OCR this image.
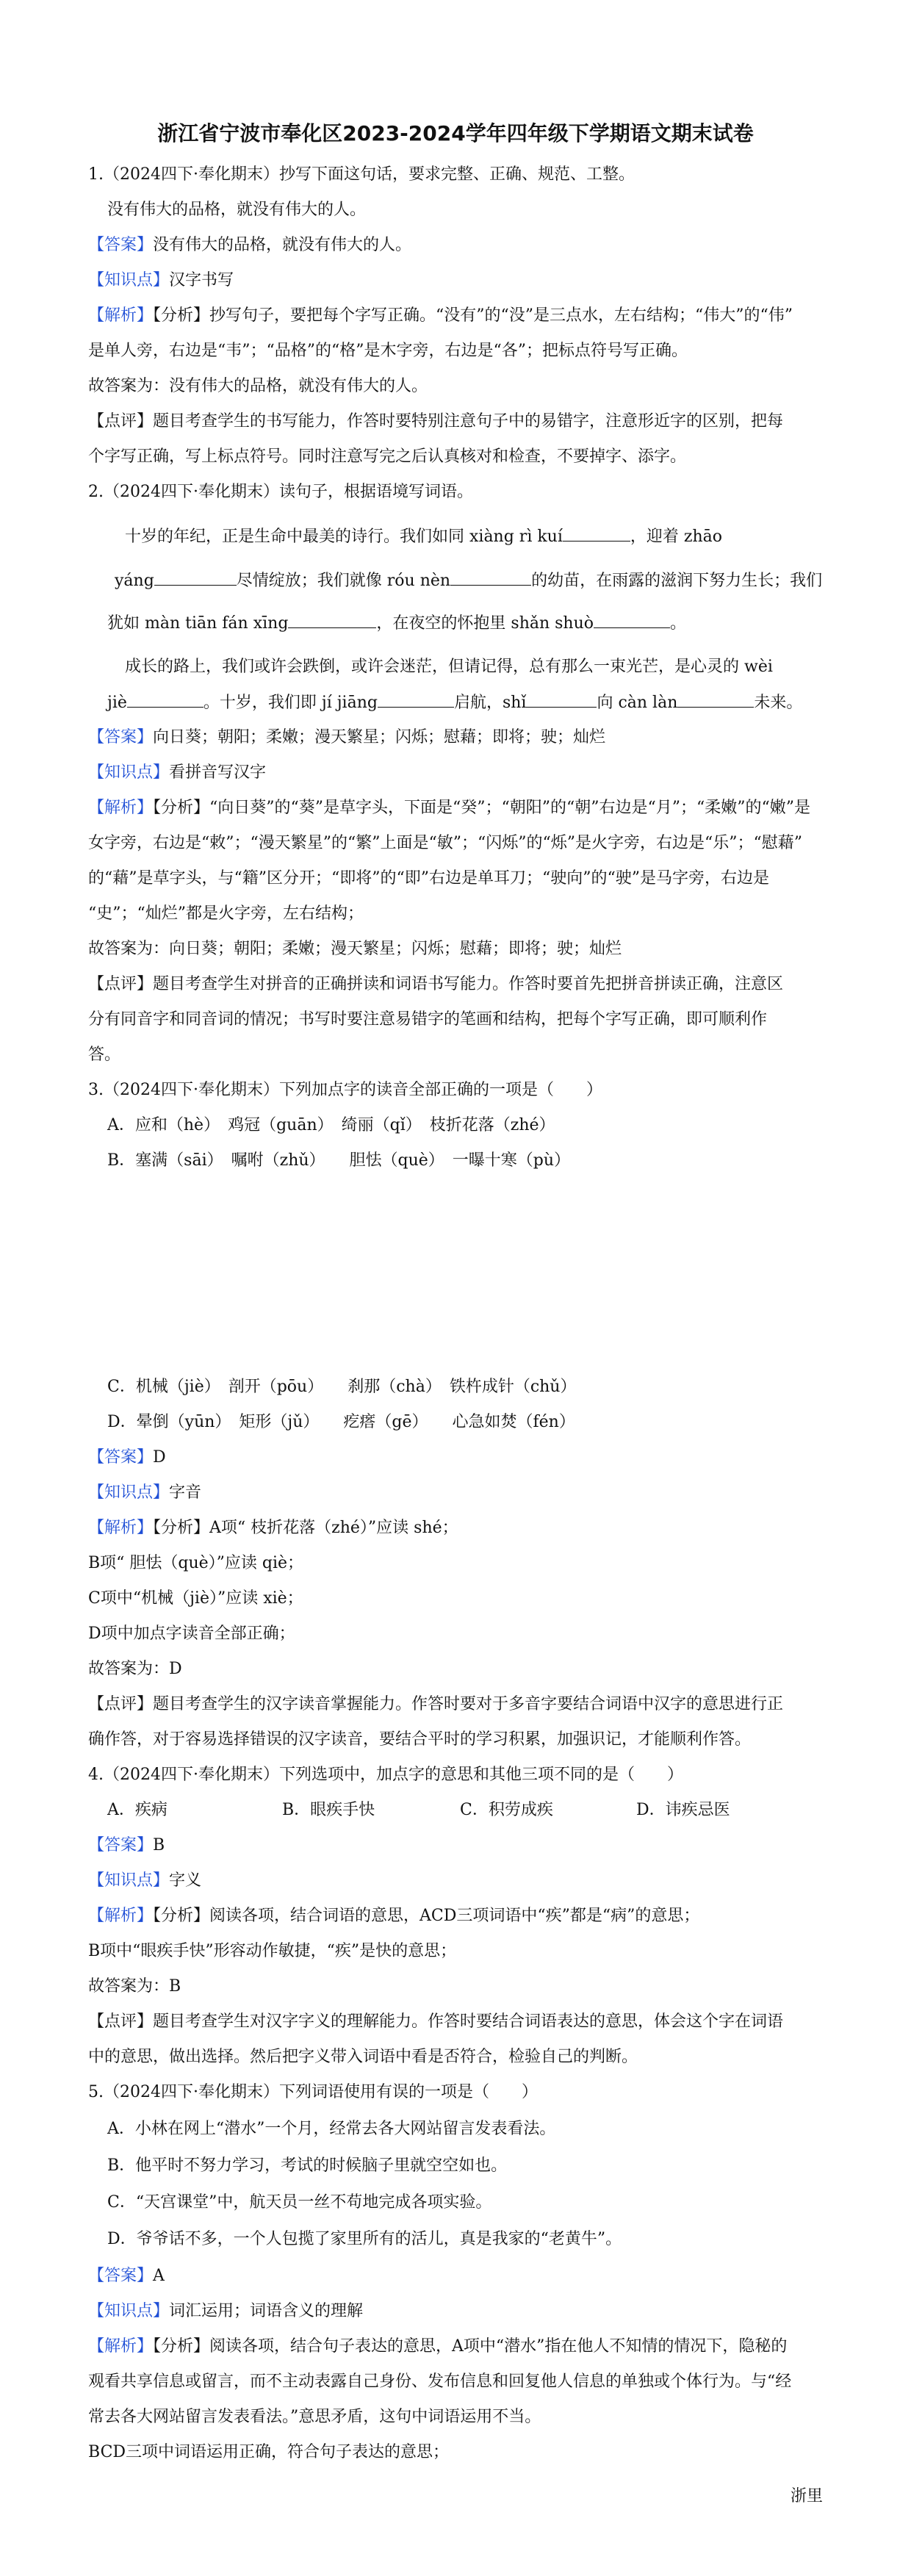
浙江省宁波市奉化区2023-2024学年四年级下学期语文期末试卷
1.（2024四下·奉化期末）抄写下面这句话，要求完整、正确、规范、工整。
没有伟大的品格，就没有伟大的人。
【答案】没有伟大的品格，就没有伟大的人。
【知识点】汉字书写
【解析】【分析】抄写句子，要把每个字写正确。“没有”的“没”是三点水，左右结构；“伟大”的“伟”
是单人旁，右边是“韦”；“品格”的“格”是木字旁，右边是“各”；把标点符号写正确。
故答案为：没有伟大的品格，就没有伟大的人。
【点评】题目考查学生的书写能力，作答时要特别注意句子中的易错字，注意形近字的区别，把每
个字写正确，写上标点符号。同时注意写完之后认真核对和检查，不要掉字、添字。
2.（2024四下·奉化期末）读句子，根据语境写词语。
十岁的年纪，正是生命中最美的诗行。我们如同 xiàng rì kuí	，迎着 zhāo
yáng	尽情绽放；我们就像 róu nèn	的幼苗，在雨露的滋润下努力生长；我们
犹如 màn tiān fán xīng	，在夜空的怀抱里 shǎn shuò	。
成长的路上，我们或许会跌倒，或许会迷茫，但请记得，总有那么一束光芒，是心灵的 wèi
jiè	。十岁，我们即 jí jiāng	启航，shǐ	向 càn làn	未来。
【答案】向日葵；朝阳；柔嫩；漫天繁星；闪烁；慰藉；即将；驶；灿烂
【知识点】看拼音写汉字
【解析】【分析】“向日葵”的“葵”是草字头，下面是“癸”；“朝阳”的“朝”右边是“月”；“柔嫩”的“嫩”是
女字旁，右边是“敕”；“漫天繁星”的“繁”上面是“敏”；“闪烁”的“烁”是火字旁，右边是“乐”；“慰藉”
的“藉”是草字头，与“籍”区分开；“即将”的“即”右边是单耳刀；“驶向”的“驶”是马字旁，右边是
“史”；“灿烂”都是火字旁，左右结构；
故答案为：向日葵；朝阳；柔嫩；漫天繁星；闪烁；慰藉；即将；驶；灿烂
【点评】题目考查学生对拼音的正确拼读和词语书写能力。作答时要首先把拼音拼读正确，注意区
分有同音字和同音词的情况；书写时要注意易错字的笔画和结构，把每个字写正确，即可顺利作
答。
3.（2024四下·奉化期末）下列加点字的读音全部正确的一项是（　　）
A．应和（hè）　鸡冠（guān）　绮丽（qǐ）　枝折花落（zhé）
B．塞满（sāi）　嘱咐（zhǔ）　　胆怯（què）　一曝十寒（pù）
C．机械（jiè）　剖开（pōu）　　刹那（chà）　铁杵成针（chǔ）
D．晕倒（yūn）　矩形（jǔ）　　疙瘩（gē）　　心急如焚（fén）
【答案】D
【知识点】字音
【解析】【分析】A项“ 枝折花落（zhé）”应读 shé；
B项“ 胆怯（què）”应读 qiè；
C项中“机械（jiè）”应读 xiè；
D项中加点字读音全部正确；
故答案为：D
【点评】题目考查学生的汉字读音掌握能力。作答时要对于多音字要结合词语中汉字的意思进行正
确作答，对于容易选择错误的汉字读音，要结合平时的学习积累，加强识记，才能顺利作答。
4.（2024四下·奉化期末）下列选项中，加点字的意思和其他三项不同的是（　　）
A．疾病	B．眼疾手快	C．积劳成疾	D．讳疾忌医
【答案】B
【知识点】字义
【解析】【分析】阅读各项，结合词语的意思，ACD三项词语中“疾”都是“病”的意思；
B项中“眼疾手快”形容动作敏捷，“疾”是快的意思；
故答案为：B
【点评】题目考查学生对汉字字义的理解能力。作答时要结合词语表达的意思，体会这个字在词语
中的意思，做出选择。然后把字义带入词语中看是否符合，检验自己的判断。
5.（2024四下·奉化期末）下列词语使用有误的一项是（　　）
A．小林在网上“潜水”一个月，经常去各大网站留言发表看法。
B．他平时不努力学习，考试的时候脑子里就空空如也。
C．“天宫课堂”中，航天员一丝不苟地完成各项实验。
D．爷爷话不多，一个人包揽了家里所有的活儿，真是我家的“老黄牛”。
【答案】A
【知识点】词汇运用；词语含义的理解
【解析】【分析】阅读各项，结合句子表达的意思，A项中“潜水”指在他人不知情的情况下，隐秘的
观看共享信息或留言，而不主动表露自己身份、发布信息和回复他人信息的单独或个体行为。与“经
常去各大网站留言发表看法。”意思矛盾，这句中词语运用不当。
BCD三项中词语运用正确，符合句子表达的意思；
浙里
